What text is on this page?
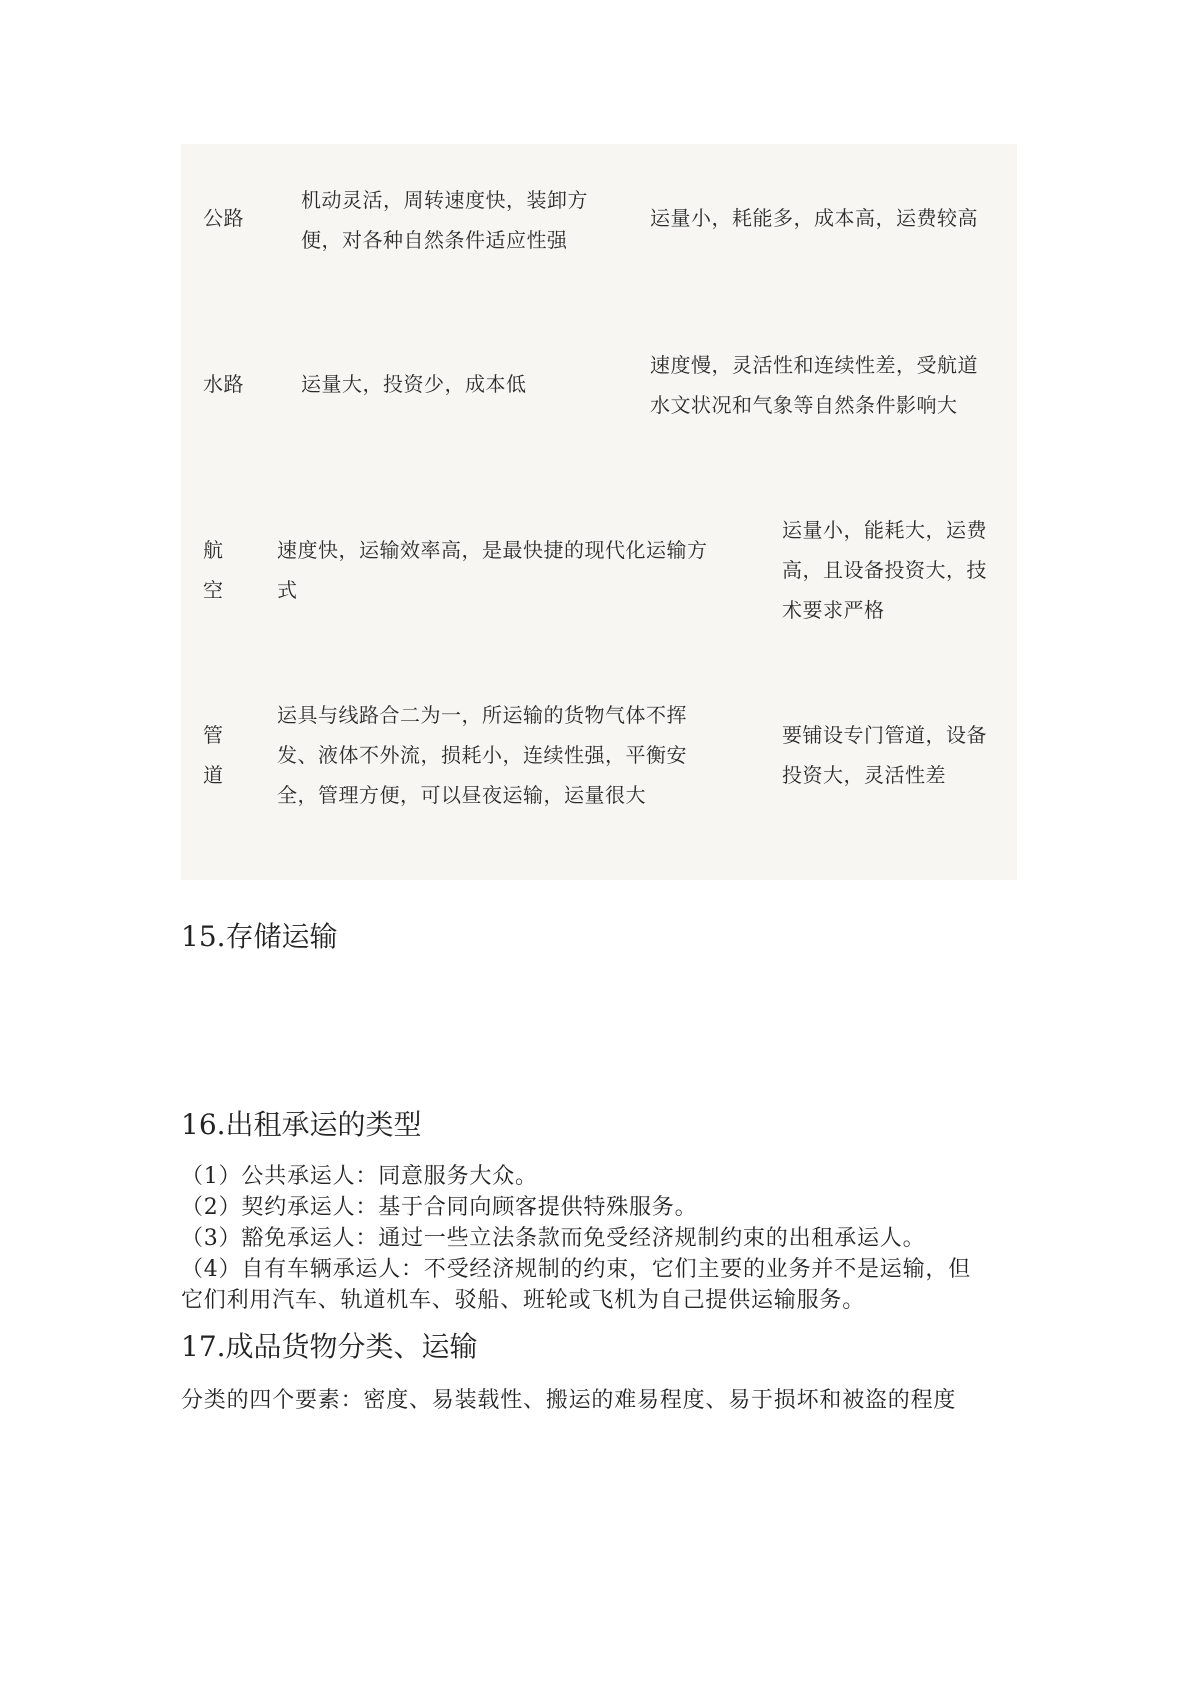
公路
机动灵活，周转速度快，装卸方
便，对各种自然条件适应性强
运量小，耗能多，成本高，运费较高
水路	运量大，投资少，成本低
速度慢，灵活性和连续性差，受航道
水文状况和气象等自然条件影响大
航
空
速度快，运输效率高，是最快捷的现代化运输方
式
运量小，能耗大，运费
高，且设备投资大，技
术要求严格
管
道
运具与线路合二为一，所运输的货物气体不挥
发、液体不外流，损耗小，连续性强，平衡安
全，管理方便，可以昼夜运输，运量很大
要铺设专门管道，设备
投资大，灵活性差
15.存储运输
16.出租承运的类型
（1）公共承运人：同意服务大众。
（2）契约承运人：基于合同向顾客提供特殊服务。
（3）豁免承运人：通过一些立法条款而免受经济规制约束的出租承运人。
（4）自有车辆承运人：不受经济规制的约束，它们主要的业务并不是运输，但
它们利用汽车、轨道机车、驳船、班轮或飞机为自己提供运输服务。
17.成品货物分类、运输
分类的四个要素：密度、易装载性、搬运的难易程度、易于损坏和被盗的程度
